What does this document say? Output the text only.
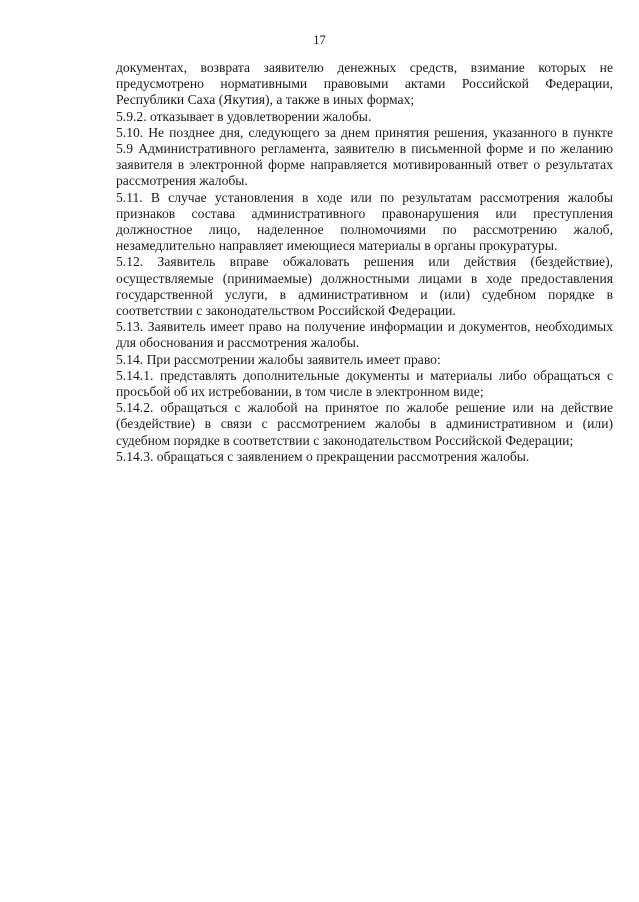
17

документах, возврата заявителю денежных средств, взимание которых не предусмотрено нормативными правовыми актами Российской Федерации, Республики Саха (Якутия), а также в иных формах;

5.9.2. отказывает в удовлетворении жалобы.

5.10. Не позднее дня, следующего за днем принятия решения, указанного в пункте 5.9 Административного регламента, заявителю в письменной форме и по желанию заявителя в электронной форме направляется мотивированный ответ о результатах рассмотрения жалобы.

5.11. В случае установления в ходе или по результатам рассмотрения жалобы признаков состава административного правонарушения или преступления должностное лицо, наделенное полномочиями по рассмотрению жалоб, незамедлительно направляет имеющиеся материалы в органы прокуратуры.

5.12. Заявитель вправе обжаловать решения или действия (бездействие), осуществляемые (принимаемые) должностными лицами в ходе предоставления государственной услуги, в административном и (или) судебном порядке в соответствии с законодательством Российской Федерации.

5.13. Заявитель имеет право на получение информации и документов, необходимых для обоснования и рассмотрения жалобы.

5.14. При рассмотрении жалобы заявитель имеет право:

5.14.1. представлять дополнительные документы и материалы либо обращаться с просьбой об их истребовании, в том числе в электронном виде;

5.14.2. обращаться с жалобой на принятое по жалобе решение или на действие (бездействие) в связи с рассмотрением жалобы в административном и (или) судебном порядке в соответствии с законодательством Российской Федерации;

5.14.3. обращаться с заявлением о прекращении рассмотрения жалобы.
